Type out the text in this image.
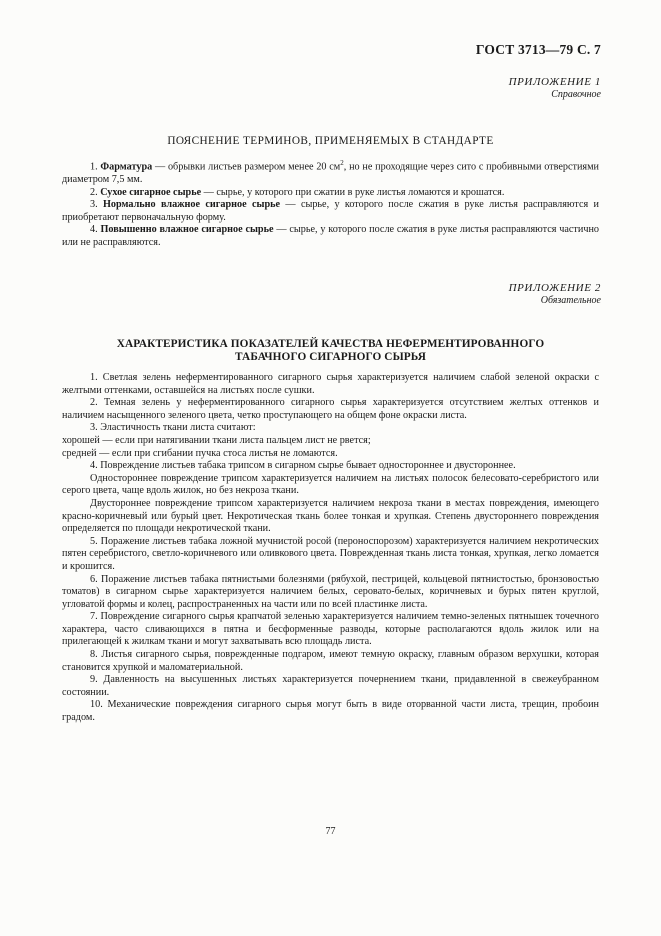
ГОСТ 3713—79 С. 7
ПРИЛОЖЕНИЕ 1
Справочное
ПОЯСНЕНИЕ ТЕРМИНОВ, ПРИМЕНЯЕМЫХ В СТАНДАРТЕ

1. Фарматура — обрывки листьев размером менее 20 $см^2$, но не проходящие через сито с пробивными отверстиями диаметром 7,5 мм.

2. Сухое сигарное сырье — сырье, у которого при сжатии в руке листья ломаются и крошатся.

3. Нормально влажное сигарное сырье — сырье, у которого после сжатия в руке листья расправляются и приобретают первоначальную форму.

4. Повышенно влажное сигарное сырье — сырье, у которого после сжатия в руке листья расправляются частично или не расправляются.

ПРИЛОЖЕНИЕ 2
Обязательное
ХАРАКТЕРИСТИКА ПОКАЗАТЕЛЕЙ КАЧЕСТВА НЕФЕРМЕНТИРОВАННОГО
ТАБАЧНОГО СИГАРНОГО СЫРЬЯ

1. Светлая зелень неферментированного сигарного сырья характеризуется наличием слабой зеленой окраски с желтыми оттенками, оставшейся на листьях после сушки.

2. Темная зелень у неферментированного сигарного сырья характеризуется отсутствием желтых оттенков и наличием насыщенного зеленого цвета, четко проступающего на общем фоне окраски листа.

3. Эластичность ткани листа считают:

хорошей — если при натягивании ткани листа пальцем лист не рвется;

средней — если при сгибании пучка стоса листья не ломаются.

4. Повреждение листьев табака трипсом в сигарном сырье бывает одностороннее и двустороннее.

Одностороннее повреждение трипсом характеризуется наличием на листьях полосок белесовато-серебристого или серого цвета, чаще вдоль жилок, но без некроза ткани.

Двустороннее повреждение трипсом характеризуется наличием некроза ткани в местах повреждения, имеющего красно-коричневый или бурый цвет. Некротическая ткань более тонкая и хрупкая. Степень двустороннего повреждения определяется по площади некротической ткани.

5. Поражение листьев табака ложной мучнистой росой (пероноспорозом) характеризуется наличием некротических пятен серебристого, светло-коричневого или оливкового цвета. Поврежденная ткань листа тонкая, хрупкая, легко ломается и крошится.

6. Поражение листьев табака пятнистыми болезнями (рябухой, пестрицей, кольцевой пятнистостью, бронзовостью томатов) в сигарном сырье характеризуется наличием белых, серовато-белых, коричневых и бурых пятен круглой, угловатой формы и колец, распространенных на части или по всей пластинке листа.

7. Повреждение сигарного сырья крапчатой зеленью характеризуется наличием темно-зеленых пятнышек точечного характера, часто сливающихся в пятна и бесформенные разводы, которые располагаются вдоль жилок или на прилегающей к жилкам ткани и могут захватывать всю площадь листа.

8. Листья сигарного сырья, поврежденные подгаром, имеют темную окраску, главным образом верхушки, которая становится хрупкой и маломатериальной.

9. Давленность на высушенных листьях характеризуется почернением ткани, придавленной в свежеубранном состоянии.

10. Механические повреждения сигарного сырья могут быть в виде оторванной части листа, трещин, пробоин градом.

77
